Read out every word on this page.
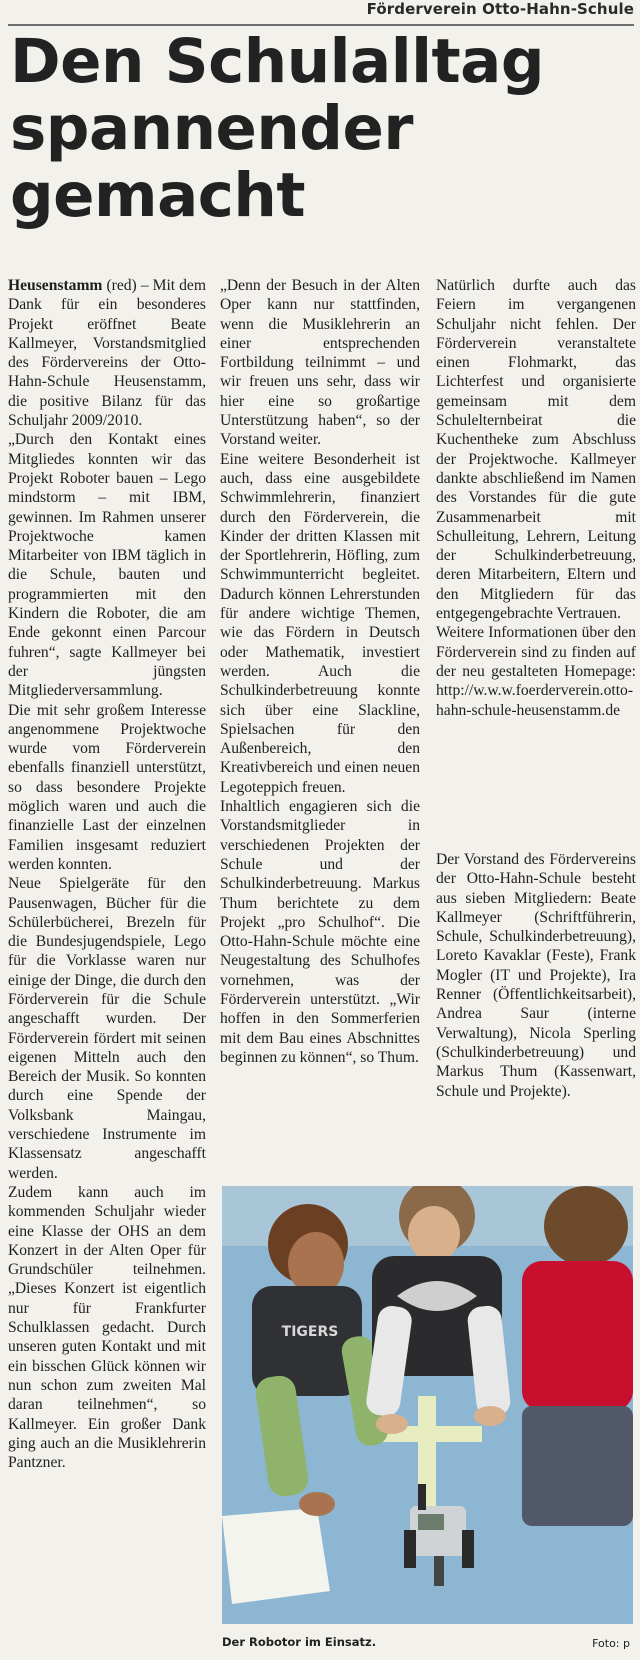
Förderverein Otto-Hahn-Schule
Den Schulalltag
spannender
gemacht

Heusenstamm (red) – Mit dem Dank für ein besonderes Projekt eröffnet Beate Kallmeyer, Vorstandsmitglied des Fördervereins der Otto-Hahn-Schule Heusenstamm, die positive Bilanz für das Schuljahr 2009/2010.

„Durch den Kontakt eines Mitgliedes konnten wir das Projekt Roboter bauen – Lego mindstorm – mit IBM, gewinnen. Im Rahmen unserer Projektwoche kamen Mitarbeiter von IBM täglich in die Schule, bauten und programmierten mit den Kindern die Roboter, die am Ende gekonnt einen Parcour fuhren“, sagte Kallmeyer bei der jüngsten Mitgliederversammlung.

Die mit sehr großem Interesse angenommene Projektwoche wurde vom Förderverein ebenfalls finanziell unterstützt, so dass besondere Projekte möglich waren und auch die finanzielle Last der einzelnen Familien insgesamt reduziert werden konnten.

Neue Spielgeräte für den Pausenwagen, Bücher für die Schülerbücherei, Brezeln für die Bundesjugendspiele, Lego für die Vorklasse waren nur einige der Dinge, die durch den Förderverein für die Schule angeschafft wurden. Der Förderverein fördert mit seinen eigenen Mitteln auch den Bereich der Musik. So konnten durch eine Spende der Volksbank Maingau, verschiedene Instrumente im Klassensatz angeschafft werden.

Zudem kann auch im kommenden Schuljahr wieder eine Klasse der OHS an dem Konzert in der Alten Oper für Grundschüler teilnehmen. „Dieses Konzert ist eigentlich nur für Frankfurter Schulklassen gedacht. Durch unseren guten Kontakt und mit ein bisschen Glück können wir nun schon zum zweiten Mal daran teilnehmen“, so Kallmeyer. Ein großer Dank ging auch an die Musiklehrerin Pantzner.

„Denn der Besuch in der Alten Oper kann nur stattfinden, wenn die Musiklehrerin an einer entsprechenden Fortbildung teilnimmt – und wir freuen uns sehr, dass wir hier eine so großartige Unterstützung haben“, so der Vorstand weiter.

Eine weitere Besonderheit ist auch, dass eine ausgebildete Schwimmlehrerin, finanziert durch den Förderverein, die Kinder der dritten Klassen mit der Sportlehrerin, Höfling, zum Schwimmunterricht begleitet. Dadurch können Lehrerstunden für andere wichtige Themen, wie das Fördern in Deutsch oder Mathematik, investiert werden. Auch die Schulkinderbetreuung konnte sich über eine Slackline, Spielsachen für den Außenbereich, den Kreativbereich und einen neuen Legoteppich freuen.

Inhaltlich engagieren sich die Vorstandsmitglieder in verschiedenen Projekten der Schule und der Schulkinderbetreuung. Markus Thum berichtete zu dem Projekt „pro Schulhof“. Die Otto-Hahn-Schule möchte eine Neugestaltung des Schulhofes vornehmen, was der Förderverein unterstützt. „Wir hoffen in den Sommerferien mit dem Bau eines Abschnittes beginnen zu können“, so Thum.

Natürlich durfte auch das Feiern im vergangenen Schuljahr nicht fehlen. Der Förderverein veranstaltete einen Flohmarkt, das Lichterfest und organisierte gemeinsam mit dem Schulelternbeirat die Kuchentheke zum Abschluss der Projektwoche. Kallmeyer dankte abschließend im Namen des Vorstandes für die gute Zusammenarbeit mit Schulleitung, Lehrern, Leitung der Schulkinderbetreuung, deren Mitarbeitern, Eltern und den Mitgliedern für das entgegengebrachte Vertrauen.

Weitere Informationen über den Förderverein sind zu finden auf der neu gestalteten Homepage: http://w.w.w.foerderverein.otto-hahn-schule-heusenstamm.de

Der Vorstand des Fördervereins der Otto-Hahn-Schule besteht aus sieben Mitgliedern: Beate Kallmeyer (Schriftführerin, Schule, Schulkinderbetreuung), Loreto Kavaklar (Feste), Frank Mogler (IT und Projekte), Ira Renner (Öffentlichkeitsarbeit), Andrea Saur (interne Verwaltung), Nicola Sperling (Schulkinderbetreuung) und Markus Thum (Kassenwart, Schule und Projekte).

TIGERS
Der Robotor im Einsatz.	Foto: p
